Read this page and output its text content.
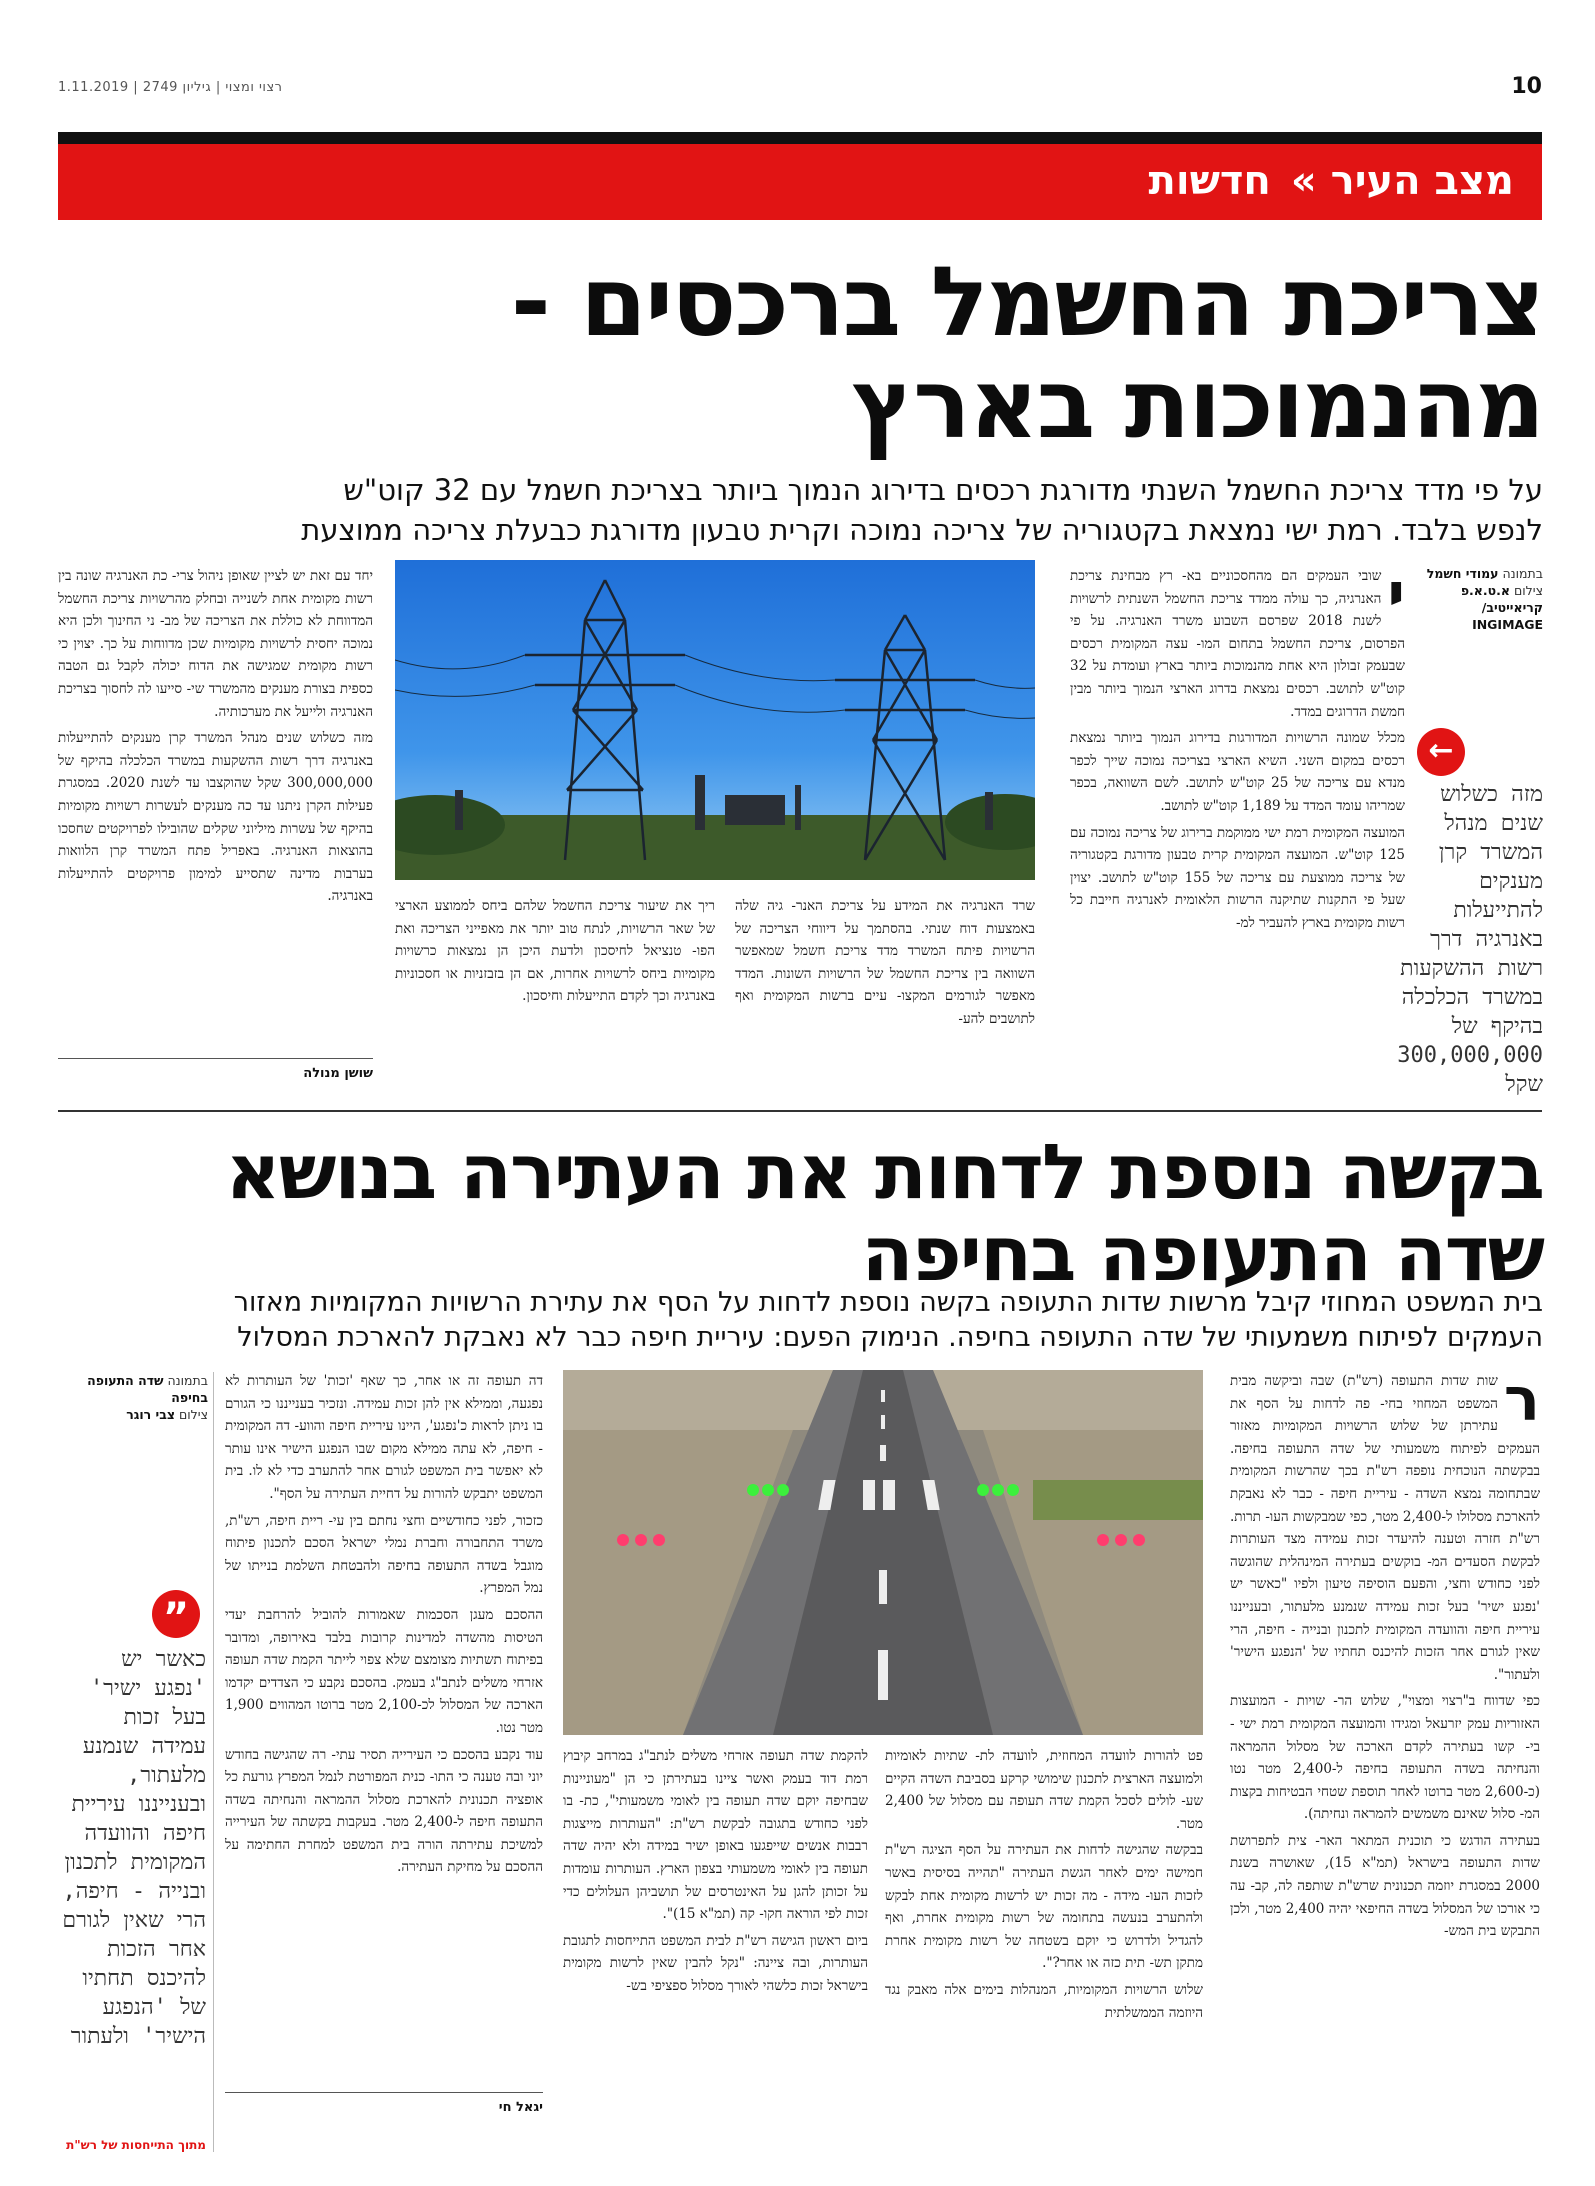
רצוי ומצוי | גיליון 2749 | 1.11.2019	10
מצב העיר » חדשות
צריכת החשמל ברכסים -
מהנמוכות בארץ
על פי מדד צריכת החשמל השנתי מדורגת רכסים בדירוג הנמוך ביותר בצריכת חשמל עם 32 קוט"ש
לנפש בלבד. רמת ישי נמצאת בקטגוריה של צריכה נמוכה וקרית טבעון מדורגת כבעלת צריכה ממוצעת
בתמונה עמודי חשמל
צילום א.ט.א.פ קריאייטיב/ INGIMAGE
←
מזה כשלוש שנים מנהל המשרד קרן מענקים להתייעלות באנרגיה דרך רשות ההשקעות במשרד הכלכלה בהיקף של 300,000,000 שקל
י

שובי העמקים הם מהחסכוניים בא- רץ מבחינת צריכת האנרגיה, כך עולה ממדד צריכת החשמל השנתית לרשויות לשנת 2018 שפרסם השבוע משרד האנרגיה. על פי הפרסום, צריכת החשמל בתחום המו- עצה המקומית רכסים שבעמק זבולון היא אחת מהנמוכות ביותר בארץ ועומדת על 32 קוט"ש לתושב. רכסים נמצאת בדרוג הארצי הנמוך ביותר מבין חמשת הדרוגים במדד.

מכלל שמונה הרשויות המדורגות בדירוג הנמוך ביותר נמצאת רכסים במקום השני. השיא הארצי בצריכה נמוכה שייך לכפר מנדא עם צריכה של 25 קוט"ש לתושב. לשם השוואה, בכפר שמריהו עומד המדד על 1,189 קוט"ש לתושב.

המועצה המקומית רמת ישי ממוקמת ברירוג של צריכה נמוכה עם 125 קוט"ש. המועצה המקומית קרית טבעון מדורגת בקטגוריה של צריכה ממוצעת עם צריכה של 155 קוט"ש לתושב. יצוין שעל פי התקנות שתיקנה הרשות הלאומית לאנרגיה חייבת כל רשות מקומית בארץ להעביר למ-

שרד האנרגיה את המידע על צריכת האנר- גיה שלה באמצעות דוח שנתי. בהסתמך על דיווחי הצריכה של הרשויות פיתח המשרד מדד צריכת חשמל שמאפשר השוואה בין צריכת החשמל של הרשויות השונות. המדד מאפשר לגורמים המקצו- עיים ברשות המקומית ואף לתושבים להע-

ריך את שיעור צריכת החשמל שלהם ביחס לממוצע הארצי של שאר הרשויות, לנתח טוב יותר את מאפייני הצריכה ואת הפו- טנציאל לחיסכון ולדעת היכן הן נמצאות כרשויות מקומיות ביחס לרשויות אחרות, אם הן בזבזניות או חסכוניות באנרגיה וכך לקדם התייעלות וחיסכון.

יחד עם זאת יש לציין שאופן ניהול צרי- כת האנרגיה שונה בין רשות מקומית אחת לשנייה ובחלק מהרשויות צריכת החשמל המדווחת לא כוללת את הצריכה של מב- ני החינוך ולכן היא נמוכה יחסית לרשויות מקומיות שכן מדווחות על כך. יצוין כי רשות מקומית שמגישה את הדוח יכולה לקבל גם הטבה כספית בצורת מענקים מהמשרד שי- סייעו לה לחסוך בצריכת האנרגיה ולייעל את מערכותיה.

מזה כשלוש שנים מנהל המשרד קרן מענקים להתייעלות באנרגיה דרך רשות ההשקעות במשרד הכלכלה בהיקף של 300,000,000 שקל שהוקצבו עד לשנת 2020. במסגרת פעילות הקרן ניתנו עד כה מענקים לעשרות רשויות מקומיות בהיקף של עשרות מיליוני שקלים שהובילו לפרויקטים שחסכו בהוצאות האנרגיה. באפריל פתח המשרד קרן הלוואות בערבות מדינה שתסייע למימון פרויקטים להתייעלות באנרגיה.

שושן מנולה
בקשה נוספת לדחות את העתירה בנושא
שדה התעופה בחיפה
בית המשפט המחוזי קיבל מרשות שדות התעופה בקשה נוספת לדחות על הסף את עתירת הרשויות המקומיות מאזור
העמקים לפיתוח משמעותי של שדה התעופה בחיפה. הנימוק הפעם: עיריית חיפה כבר לא נאבקת להארכת המסלול
ר

שות שדות התעופה (רש"ת) שבה וביקשה מבית המשפט המחוזי בחי- פה לדחות על הסף את עתירתן של שלוש הרשויות המקומיות מאזור העמקים לפיתוח משמעותי של שדה התעופה בחיפה. בבקשתה הנוכחית נופפה רש"ת בכך שהרשות המקומית שבתחומה נמצא השדה - עיריית חיפה - כבר לא נאבקת להארכת מסלולו ל-2,400 מטר, כפי שמבקשות העו- תרות. רש"ת חזרה וטענה להיעדר זכות עמידה מצד העותרות לבקשת הסעדים המ- בוקשים בעתירה המינהלית שהוגשה לפני כחודש וחצי, והפעם הוסיפה טיעון ולפיו "כאשר יש 'נפגע ישיר' בעל זכות עמידה שנמנע מלעתור, ובענייננו עיריית חיפה והוועדה המקומית לתכנון ובנייה - חיפה, הרי שאין לגורם אחר הזכות להיכנס תחתיו של 'הנפגע הישיר' ולעתור".

כפי שדווח ב"רצוי ומצוי", שלוש הר- שויות - המועצות האזוריות עמק יזרעאל ומגידו והמועצה המקומית רמת ישי - בי- קשו בעתירה לקדם הארכה של מסלול ההמראה והנחיתה בשדה התעופה בחיפה ל-2,400 מטר נטו (כ-2,600 מטר ברוטו לאחר תוספת שטחי הבטיחות בקצות המ- סלול שאינם משמשים להמראה ונחיתה).

בעתירה הודגש כי תוכנית המתאר האר- צית לתפרושת שדות התעופה בישראל (תמ"א 15), שאושרה בשנת 2000 במסגרת יוזמה תכנונית שרש"ת שותפה לה, קב- עה כי אורכו של המסלול בשדה החיפאי יהיה 2,400 מטר, ולכן התבקש בית המש-

פט להורות לוועדה המחוזית, לוועדה לת- שתיות לאומיות ולמועצה הארצית לתכנון שימושי קרקע בסביבת השדה הקיים שע- לולים לסכל הקמת שדה תעופה עם מסלול של 2,400 מטר.

בבקשה שהגישה לדחות את העתירה על הסף הציגה רש"ת חמישה ימים לאחר הגשת העתירה "תהייה בסיסית באשר לזכות העו- מידה - מה זכות יש לרשות מקומית אחת לבקש ולהתערב בנעשה בתחומה של רשות מקומית אחרת, ואף להגדיל ולדרוש כי יוקם בשטחה של רשות מקומית אחרת מתקן תש- תית כזה או אחר?".

שלוש הרשויות המקומיות, המנהלות בימים אלה מאבק נגד היוזמה הממשלתית

להקמת שדה תעופה אזרחי משלים לנתב"ג במרחב קיבוץ רמת דוד בעמק ואשר ציינו בעתירתן כי הן "מעוניינות שבחיפה יוקם שדה תעופה בין לאומי משמעותי", כת- בו לפני כחודש בתגובה לבקשת רש"ת: "העותרות מייצגות רבבות אנשים שייפגעו באופן ישיר במידה ולא יהיה שדה תעופה בין לאומי משמעותי בצפון הארץ. העותרות עומדות על זכותן להגן על האינטרסים של תושביהן העלולים כדי זכות לפי הוראה חקו- קה (תמ"א 15)".

ביום ראשון הגישה רש"ת לבית המשפט התייחסות לתגובת העותרות, ובה ציינה: "נקל להבין שאין לרשות מקומית בישראל זכות כלשהי לאורך מסלול ספציפי בש-

דה תעופה זה או אחר, כך שאף 'זכות' של העותרות לא נפגעה, וממילא אין להן זכות עמידה. ונזכיר בענייננו כי הגורם בו ניתן לראות כ'נפגע', היינו עיריית חיפה והווע- דה המקומית - חיפה, לא עתה ממילא מקום שבו הנפגע הישיר אינו עותר לא יאפשר בית המשפט לגורם אחר להתערב כדי לא לו. בית המשפט יתבקש להורות על דחיית העתירה על הסף".

כזכור, לפני כחודשיים וחצי נחתם בין עי- ריית חיפה, רש"ת, משרד התחבורה וחברת נמלי ישראל הסכם לתכנון פיתוח מוגבל בשדה התעופה בחיפה ולהבטחת השלמת בנייתו של נמל המפרץ.

ההסכם מעגן הסכמות שאמורות להוביל להרחבת יעדי הטיסות מהשדה למדינות קרובות בלבד באירופה, ומדובר בפיתוח תשתיות מצומצם שלא צפוי לייתר הקמת שדה תעופה אזרחי משלים לנתב"ג בעמק. בהסכם נקבע כי הצדדים יקדמו הארכה של המסלול לכ-2,100 מטר ברוטו המהווים 1,900 מטר נטו.

עוד נקבע בהסכם כי העירייה תסיר עתי- רה שהגישה בחודש יוני ובה טענה כי התו- כנית המפורטת לנמל המפרץ גורעת כל אופציה תכנונית להארכת מסלול ההמראה והנחיתה בשדה התעופה חיפה ל-2,400 מטר. בעקבות בקשתה של העירייה למשיכת עתירתה הורה בית המשפט למחרת החתימה על ההסכם על מחיקת העתירה.

יגאל חי
בתמונה שדה התעופה בחיפה
צילום צבי רוגר
”
כאשר יש 'נפגע ישיר' בעל זכות עמידה שנמנע מלעתור, ובענייננו עיריית חיפה והוועדה המקומית לתכנון ובנייה - חיפה, הרי שאין לגורם אחר הזכות להיכנס תחתיו של 'הנפגע הישיר' ולעתור
מתוך התייחסות של רש"ת
